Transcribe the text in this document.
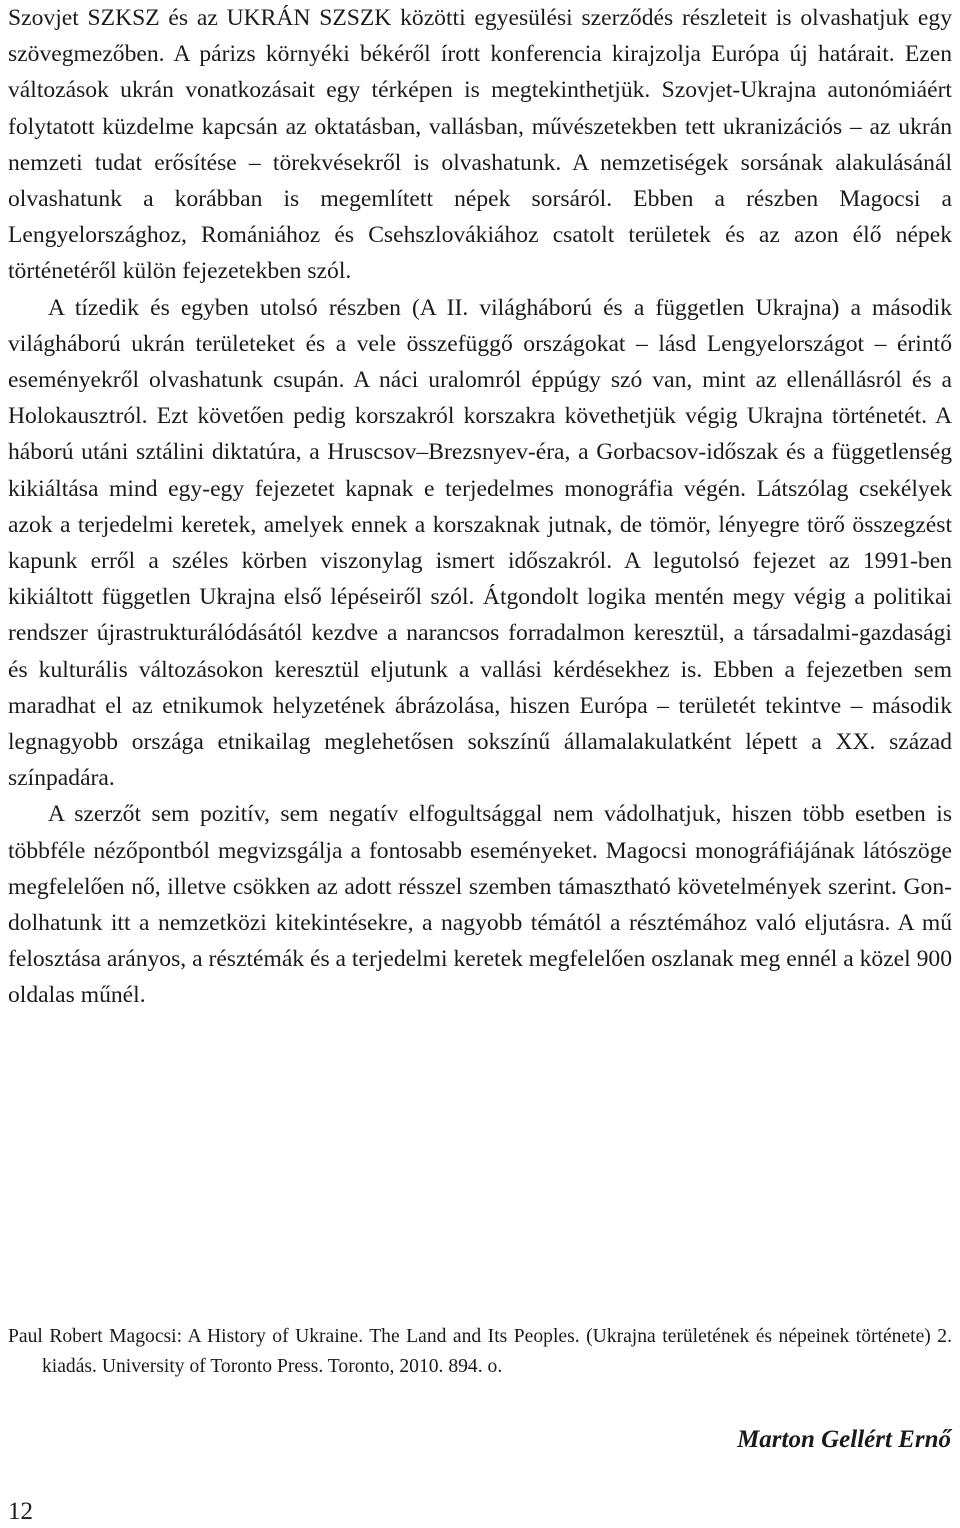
Szovjet SZKSZ és az UKRÁN SZSZK közötti egyesülési szerződés részleteit is olvashatjuk egy szövegmezőben. A párizs környéki békéről írott konferencia kirajzolja Európa új határait. Ezen változások ukrán vonatkozásait egy térképen is megtekinthetjük. Szovjet-Ukrajna autonómiáért folytatott küzdelme kapcsán az oktatásban, vallásban, művészetekben tett ukranizációs – az ukrán nemzeti tudat erősítése – törekvésekről is olvashatunk. A nemzetiségek sorsának alakulásánál olvashatunk a korábban is megemlített népek sorsáról. Ebben a részben Magocsi a Lengyelországhoz, Romániához és Csehszlovákiához csatolt területek és az azon élő népek történetéről külön fejezetekben szól.

A tízedik és egyben utolsó részben (A II. világháború és a független Ukrajna) a második világháború ukrán területeket és a vele összefüggő országokat – lásd Lengyelországot – érintő eseményekről olvashatunk csupán. A náci uralomról éppúgy szó van, mint az ellenállásról és a Holokausztról. Ezt követően pedig korszakról korszakra követhetjük végig Ukrajna történetét. A háború utáni sztálini diktatúra, a Hruscsov–Brezsnyev-éra, a Gorbacsov-időszak és a függetlenség kikiáltása mind egy-egy fejezetet kapnak e terjedelmes monográfia végén. Látszólag csekélyek azok a terjedelmi keretek, amelyek ennek a korszaknak jutnak, de tömör, lényegre törő összegzést kapunk erről a széles körben viszonylag ismert időszakról. A legutolsó fejezet az 1991-ben kikiáltott független Ukrajna első lépéseiről szól. Átgondolt logika mentén megy végig a politikai rendszer újrastrukturálódásától kezdve a narancsos forradalmon keresztül, a társadalmi-gazdasági és kulturális változásokon keresztül eljutunk a vallási kérdésekhez is. Ebben a fejezetben sem maradhat el az etnikumok helyzetének ábrázolása, hiszen Európa – területét tekintve – második legnagyobb országa etnikailag meglehetősen sokszínű államalakulatként lépett a XX. század színpadára.

A szerzőt sem pozitív, sem negatív elfogultsággal nem vádolhatjuk, hiszen több esetben is többféle nézőpontból megvizsgálja a fontosabb eseményeket. Magocsi monográfiájának látószöge megfelelően nő, illetve csökken az adott résszel szemben támasztható követelmények szerint. Gondolhatunk itt a nemzetközi kitekintésekre, a nagyobb témától a résztémához való eljutásra. A mű felosztása arányos, a résztémák és a terjedelmi keretek megfelelően oszlanak meg ennél a közel 900 oldalas műnél.

Paul Robert Magocsi: A History of Ukraine. The Land and Its Peoples. (Ukrajna területének és népeinek története) 2. kiadás. University of Toronto Press. Toronto, 2010. 894. o.
Marton Gellért Ernő
12
